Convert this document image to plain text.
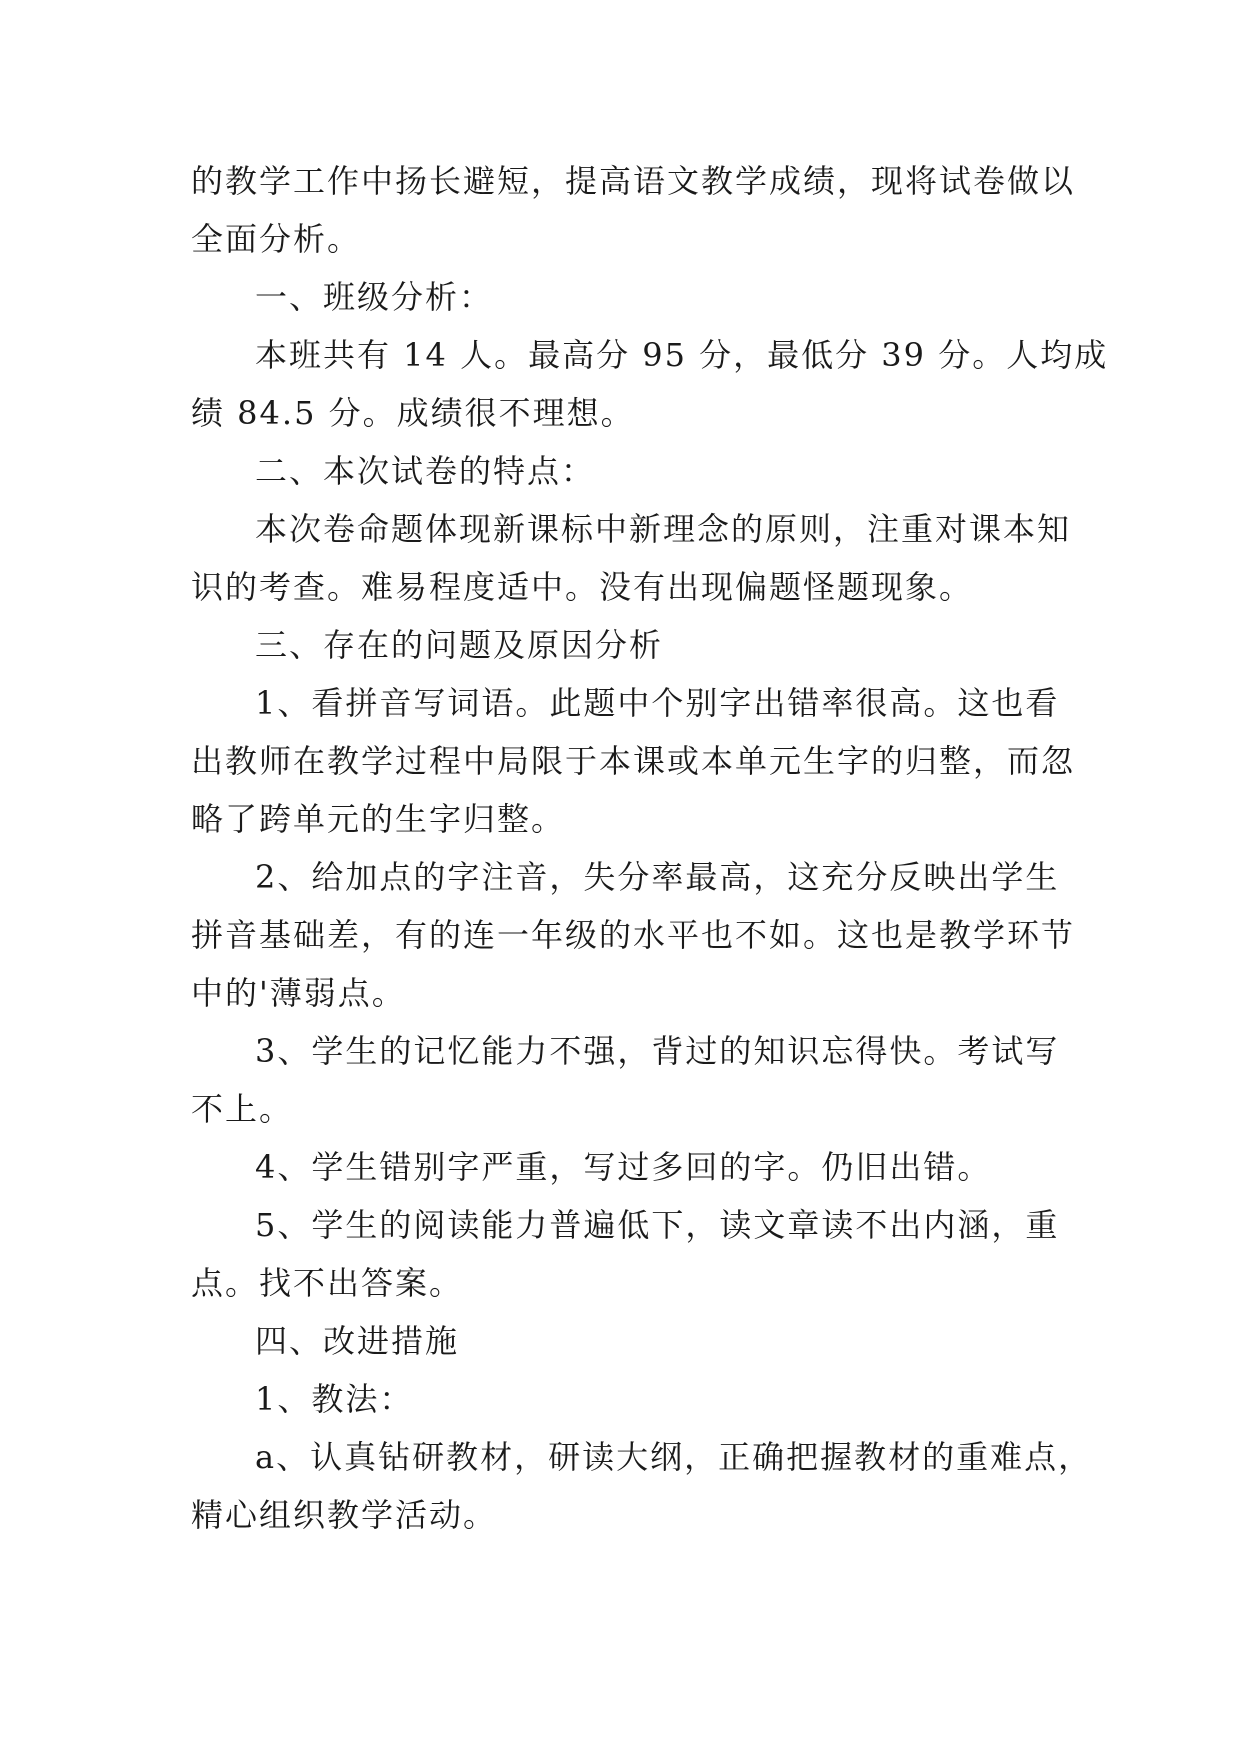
的教学工作中扬长避短，提高语文教学成绩，现将试卷做以
全面分析。
一、班级分析：
本班共有 14 人。最高分 95 分，最低分 39 分。人均成
绩 84.5 分。成绩很不理想。
二、本次试卷的特点：
本次卷命题体现新课标中新理念的原则，注重对课本知
识的考查。难易程度适中。没有出现偏题怪题现象。
三、存在的问题及原因分析
1、看拼音写词语。此题中个别字出错率很高。这也看
出教师在教学过程中局限于本课或本单元生字的归整，而忽
略了跨单元的生字归整。
2、给加点的字注音，失分率最高，这充分反映出学生
拼音基础差，有的连一年级的水平也不如。这也是教学环节
中的'薄弱点。
3、学生的记忆能力不强，背过的知识忘得快。考试写
不上。
4、学生错别字严重，写过多回的字。仍旧出错。
5、学生的阅读能力普遍低下，读文章读不出内涵，重
点。找不出答案。
四、改进措施
1、教法：
a、认真钻研教材，研读大纲，正确把握教材的重难点，
精心组织教学活动。
